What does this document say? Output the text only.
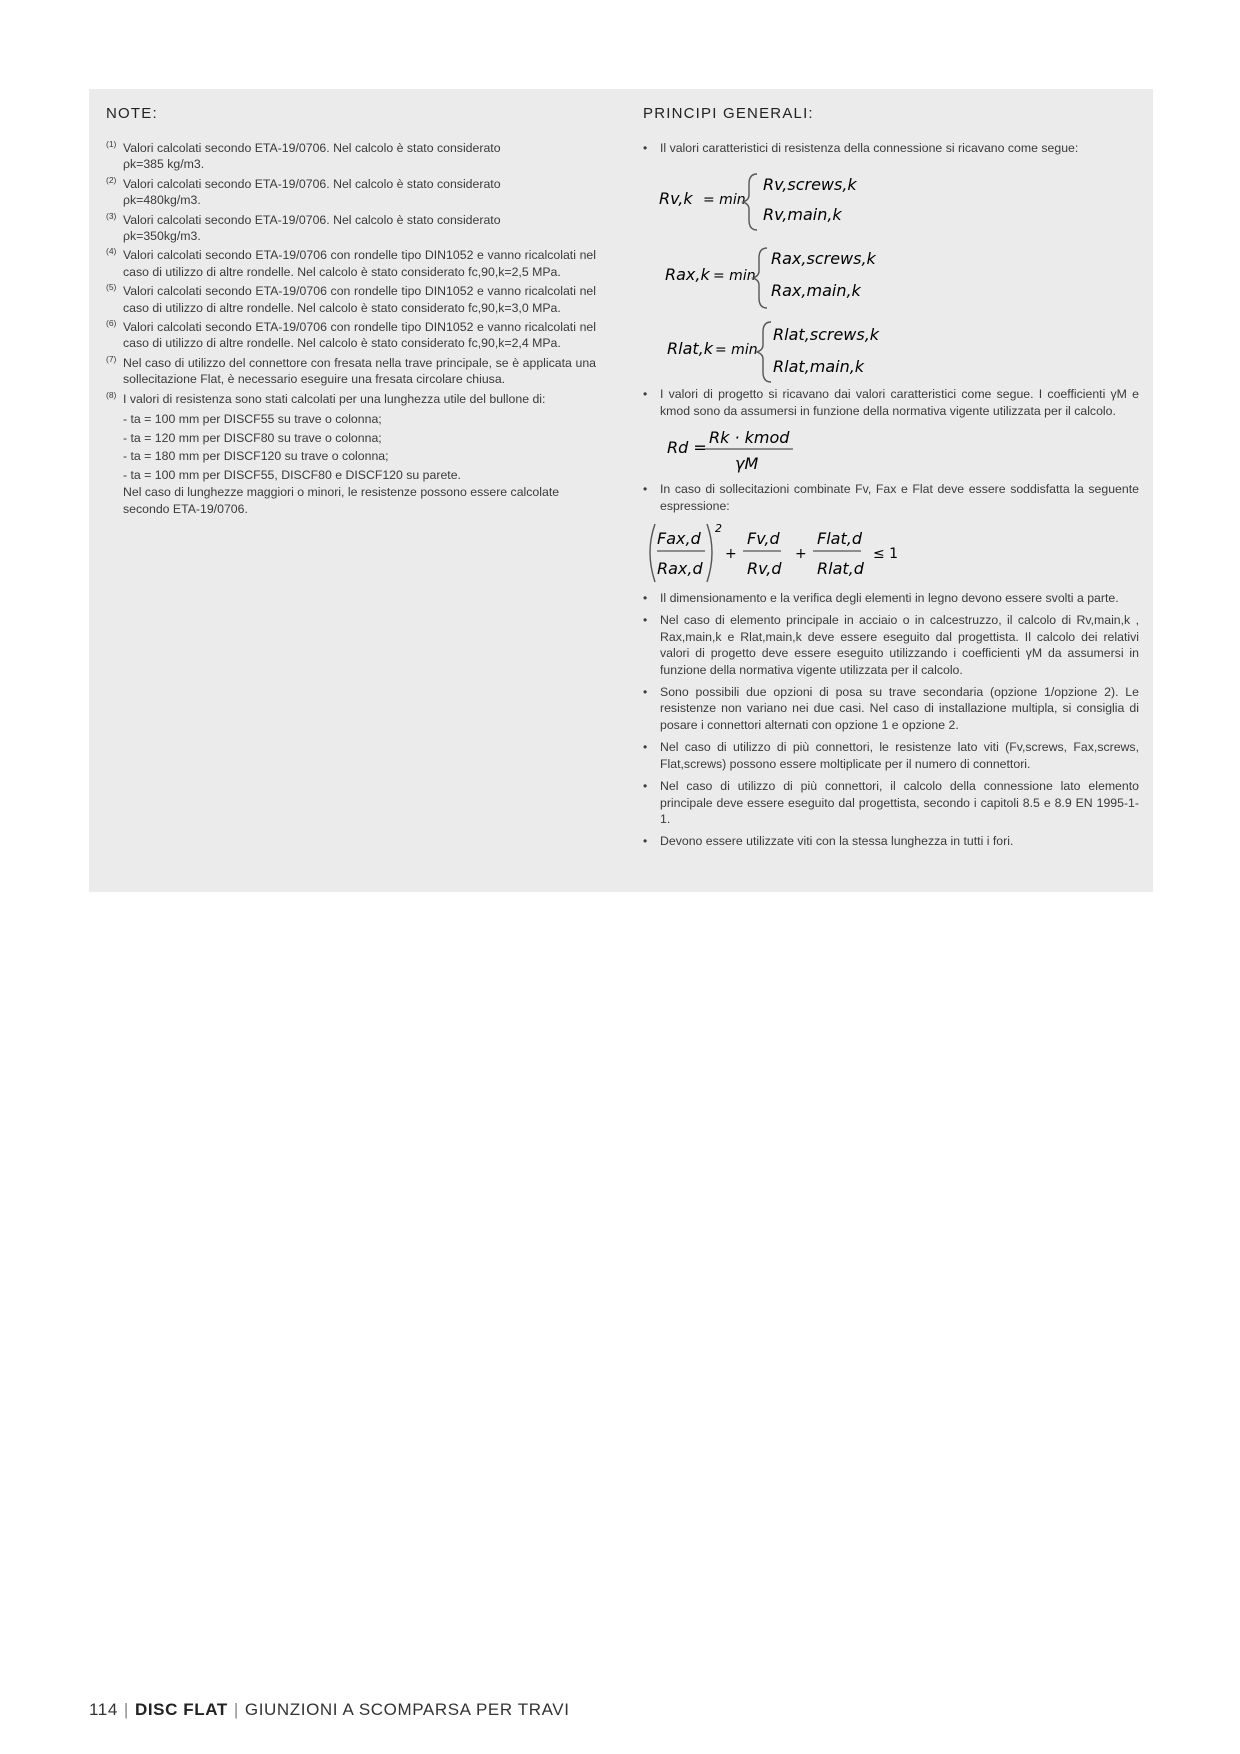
NOTE:
(1) Valori calcolati secondo ETA-19/0706. Nel calcolo è stato considerato
ρk=385 kg/m3.
(2) Valori calcolati secondo ETA-19/0706. Nel calcolo è stato considerato
ρk=480kg/m3.
(3) Valori calcolati secondo ETA-19/0706. Nel calcolo è stato considerato
ρk=350kg/m3.
(4) Valori calcolati secondo ETA-19/0706 con rondelle tipo DIN1052 e vanno ricalcolati nel caso di utilizzo di altre rondelle. Nel calcolo è stato considerato fc,90,k=2,5 MPa.
(5) Valori calcolati secondo ETA-19/0706 con rondelle tipo DIN1052 e vanno ricalcolati nel caso di utilizzo di altre rondelle. Nel calcolo è stato considerato fc,90,k=3,0 MPa.
(6) Valori calcolati secondo ETA-19/0706 con rondelle tipo DIN1052 e vanno ricalcolati nel caso di utilizzo di altre rondelle. Nel calcolo è stato considerato fc,90,k=2,4 MPa.
(7) Nel caso di utilizzo del connettore con fresata nella trave principale, se è applicata una sollecitazione Flat, è necessario eseguire una fresata circolare chiusa.
(8) I valori di resistenza sono stati calcolati per una lunghezza utile del bullone di:
- ta = 100 mm per DISCF55 su trave o colonna;
- ta = 120 mm per DISCF80 su trave o colonna;
- ta = 180 mm per DISCF120 su trave o colonna;
- ta = 100 mm per DISCF55, DISCF80 e DISCF120 su parete.
Nel caso di lunghezze maggiori o minori, le resistenze possono essere calcolate secondo ETA-19/0706.
PRINCIPI GENERALI:
• Il valori caratteristici di resistenza della connessione si ricavano come segue:
Rv,k = min
Rv,screws,k
Rv,main,k
Rax,k = min
Rax,screws,k
Rax,main,k
Rlat,k = min
Rlat,screws,k
Rlat,main,k
• I valori di progetto si ricavano dai valori caratteristici come segue. I coefficienti γM e kmod sono da assumersi in funzione della normativa vigente utilizzata per il calcolo.
Rd =
Rk · kmod
γM
• In caso di sollecitazioni combinate Fv, Fax e Flat deve essere soddisfatta la seguente espressione:
Fax,d
Rax,d
2
+
Fv,d
Rv,d
+
Flat,d
Rlat,d
≤ 1
• Il dimensionamento e la verifica degli elementi in legno devono essere svolti a parte.
• Nel caso di elemento principale in acciaio o in calcestruzzo, il calcolo di Rv,main,k , Rax,main,k e Rlat,main,k deve essere eseguito dal progettista. Il calcolo dei relativi valori di progetto deve essere eseguito utilizzando i coefficienti γM da assumersi in funzione della normativa vigente utilizzata per il calcolo.
• Sono possibili due opzioni di posa su trave secondaria (opzione 1/opzione 2). Le resistenze non variano nei due casi. Nel caso di installazione multipla, si consiglia di posare i connettori alternati con opzione 1 e opzione 2.
• Nel caso di utilizzo di più connettori, le resistenze lato viti (Fv,screws, Fax,screws, Flat,screws) possono essere moltiplicate per il numero di connettori.
• Nel caso di utilizzo di più connettori, il calcolo della connessione lato elemento principale deve essere eseguito dal progettista, secondo i capitoli 8.5 e 8.9 EN 1995-1-1.
• Devono essere utilizzate viti con la stessa lunghezza in tutti i fori.
114 | DISC FLAT | GIUNZIONI A SCOMPARSA PER TRAVI
